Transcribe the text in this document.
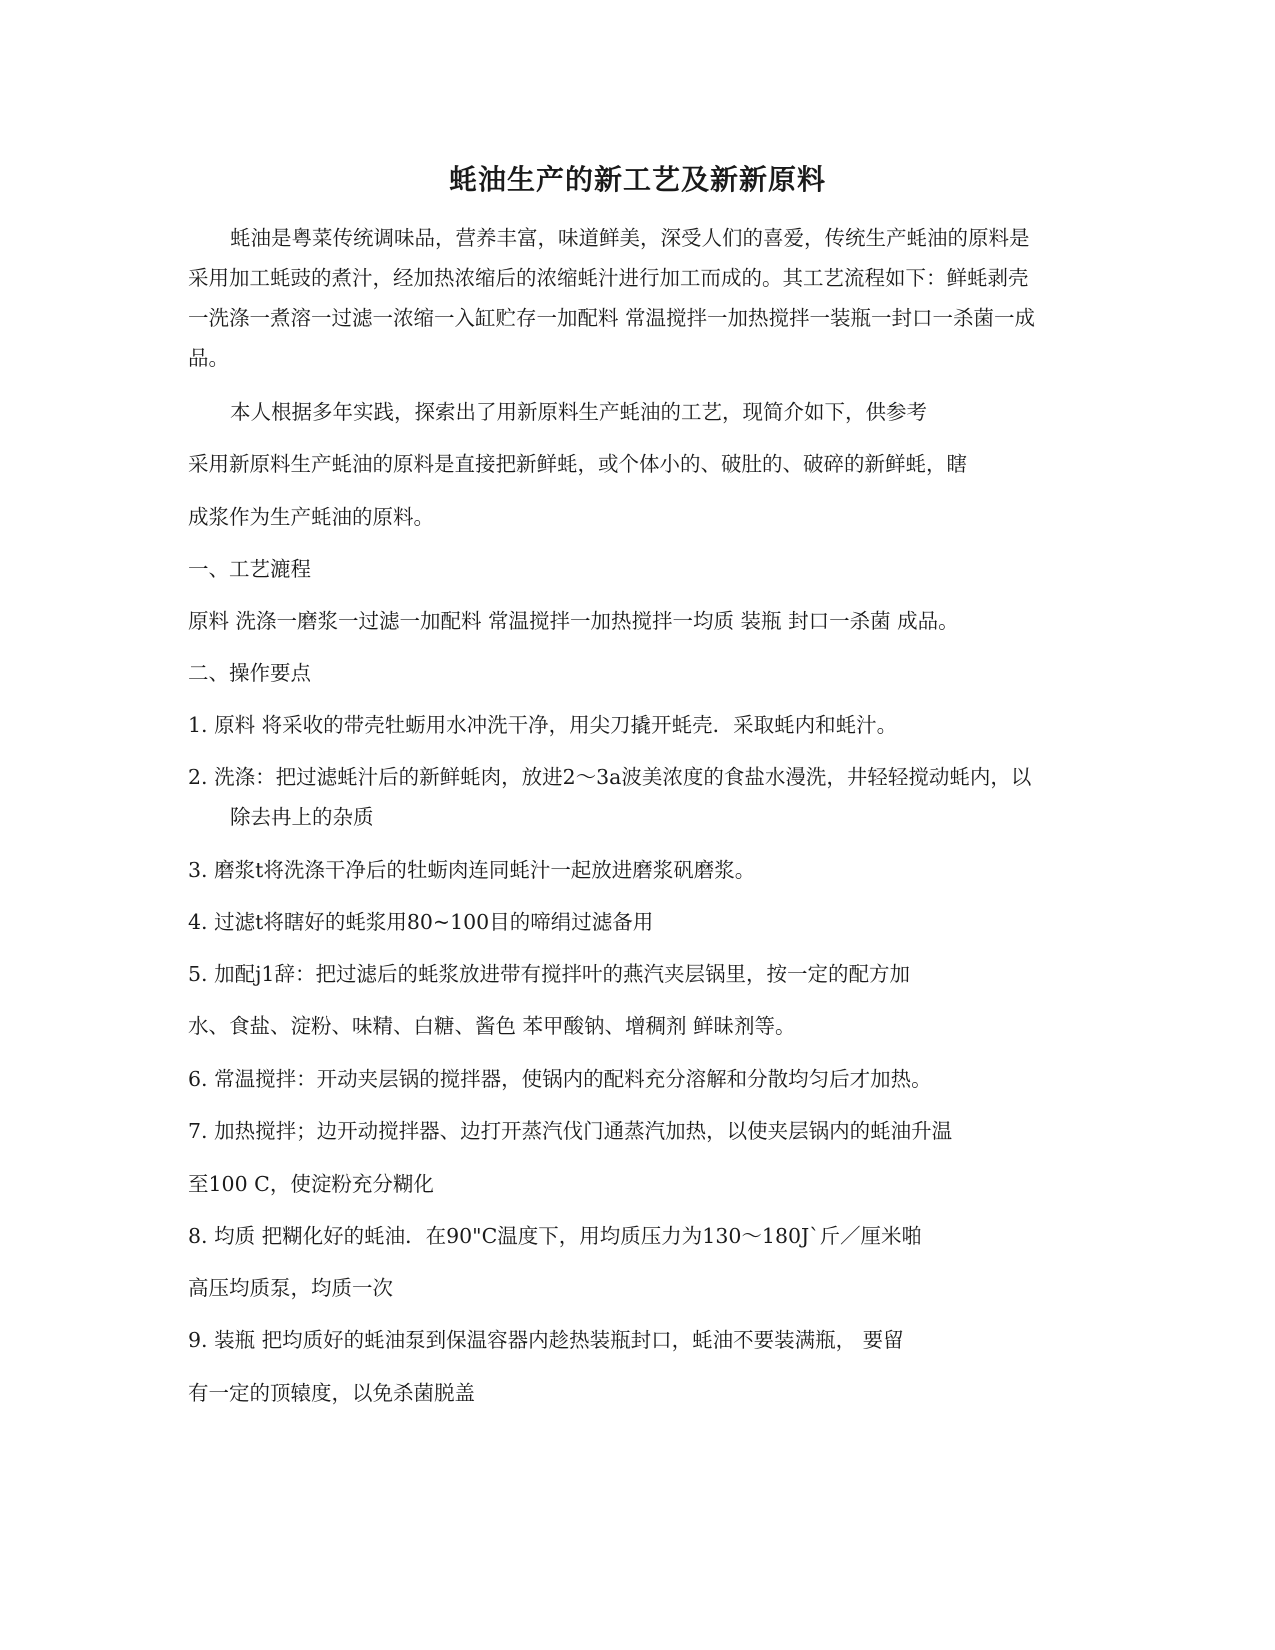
蚝油生产的新工艺及新新原料

蚝油是粤菜传统调味品，营养丰富，味道鲜美，深受人们的喜爱，传统生产蚝油的原料是

采用加工蚝豉的煮汁，经加热浓缩后的浓缩蚝汁进行加工而成的。其工艺流程如下：鲜蚝剥壳

一洗涤一煮溶一过滤一浓缩一入缸贮存一加配料 常温搅拌一加热搅拌一装瓶一封口一杀菌一成

品。

本人根据多年实践，探索出了用新原料生产蚝油的工艺，现简介如下，供参考

采用新原料生产蚝油的原料是直接把新鲜蚝，或个体小的、破肚的、破碎的新鲜蚝，瞎

成浆作为生产蚝油的原料。

一、工艺漉程

原料 洗涤一磨浆一过滤一加配料 常温搅拌一加热搅拌一均质 装瓶 封口一杀菌 成品。

二、操作要点

1. 原料 将采收的带壳牡蛎用水冲洗干净，用尖刀撬开蚝壳．采取蚝内和蚝汁。

2. 洗涤：把过滤蚝汁后的新鲜蚝肉，放进2～3a波美浓度的食盐水漫洗，井轻轻搅动蚝内，以

除去冉上的杂质

3. 磨浆t将洗涤干净后的牡蛎肉连同蚝汁一起放进磨浆矾磨浆。

4. 过滤t将瞎好的蚝浆用80~100目的啼绢过滤备用

5. 加配j1辞：把过滤后的蚝浆放进带有搅拌叶的燕汽夹层锅里，按一定的配方加

水、食盐、淀粉、味精、白糖、酱色 苯甲酸钠、增稠剂 鲜昧剂等。

6. 常温搅拌：开动夹层锅的搅拌器，使锅内的配料充分溶解和分散均匀后才加热。

7. 加热搅拌；边开动搅拌器、边打开蒸汽伐门通蒸汽加热，以使夹层锅内的蚝油升温

至100 C，使淀粉充分糊化

8. 均质 把糊化好的蚝油．在90"C温度下，用均质压力为130～180J`斤／厘米啪

高压均质泵，均质一次

9. 装瓶 把均质好的蚝油泵到保温容器内趁热装瓶封口，蚝油不要装满瓶， 要留

有一定的顶辕度，以免杀菌脱盖
